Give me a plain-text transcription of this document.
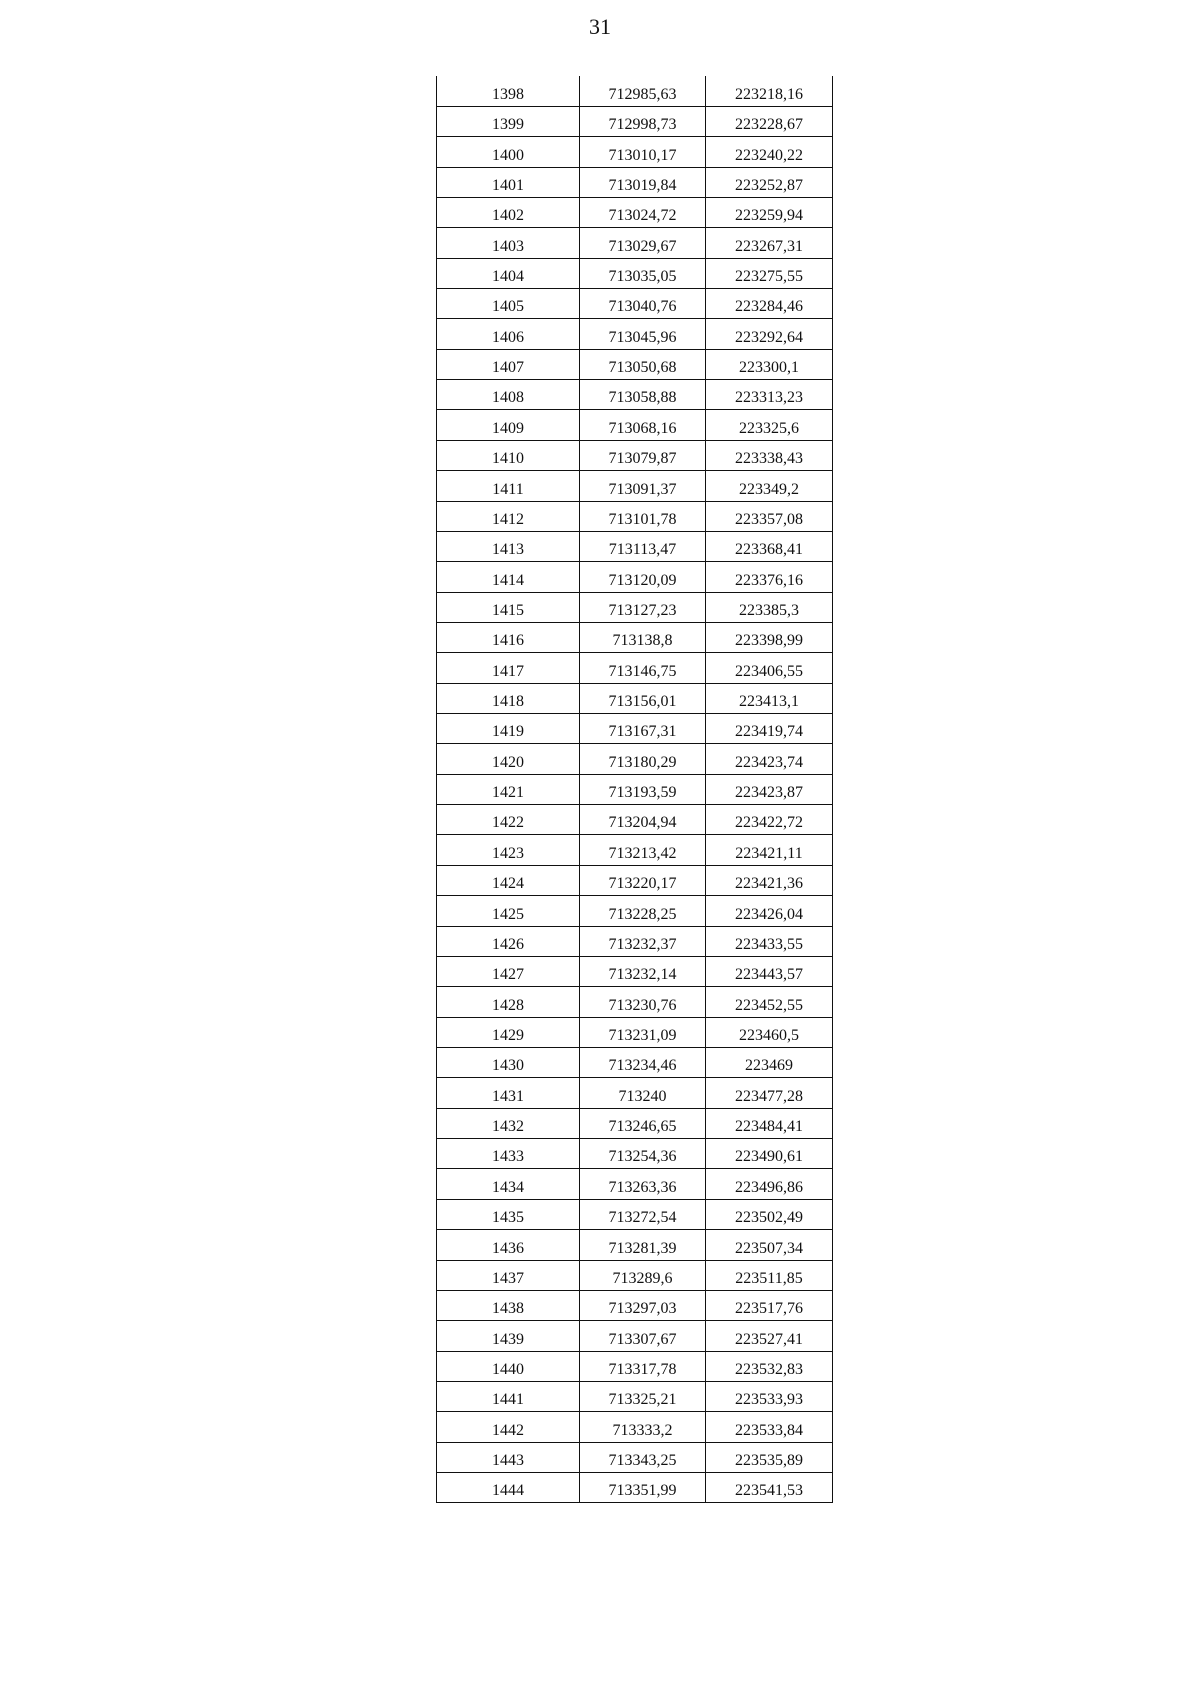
31
1398	712985,63	223218,16
1399	712998,73	223228,67
1400	713010,17	223240,22
1401	713019,84	223252,87
1402	713024,72	223259,94
1403	713029,67	223267,31
1404	713035,05	223275,55
1405	713040,76	223284,46
1406	713045,96	223292,64
1407	713050,68	223300,1
1408	713058,88	223313,23
1409	713068,16	223325,6
1410	713079,87	223338,43
1411	713091,37	223349,2
1412	713101,78	223357,08
1413	713113,47	223368,41
1414	713120,09	223376,16
1415	713127,23	223385,3
1416	713138,8	223398,99
1417	713146,75	223406,55
1418	713156,01	223413,1
1419	713167,31	223419,74
1420	713180,29	223423,74
1421	713193,59	223423,87
1422	713204,94	223422,72
1423	713213,42	223421,11
1424	713220,17	223421,36
1425	713228,25	223426,04
1426	713232,37	223433,55
1427	713232,14	223443,57
1428	713230,76	223452,55
1429	713231,09	223460,5
1430	713234,46	223469
1431	713240	223477,28
1432	713246,65	223484,41
1433	713254,36	223490,61
1434	713263,36	223496,86
1435	713272,54	223502,49
1436	713281,39	223507,34
1437	713289,6	223511,85
1438	713297,03	223517,76
1439	713307,67	223527,41
1440	713317,78	223532,83
1441	713325,21	223533,93
1442	713333,2	223533,84
1443	713343,25	223535,89
1444	713351,99	223541,53
